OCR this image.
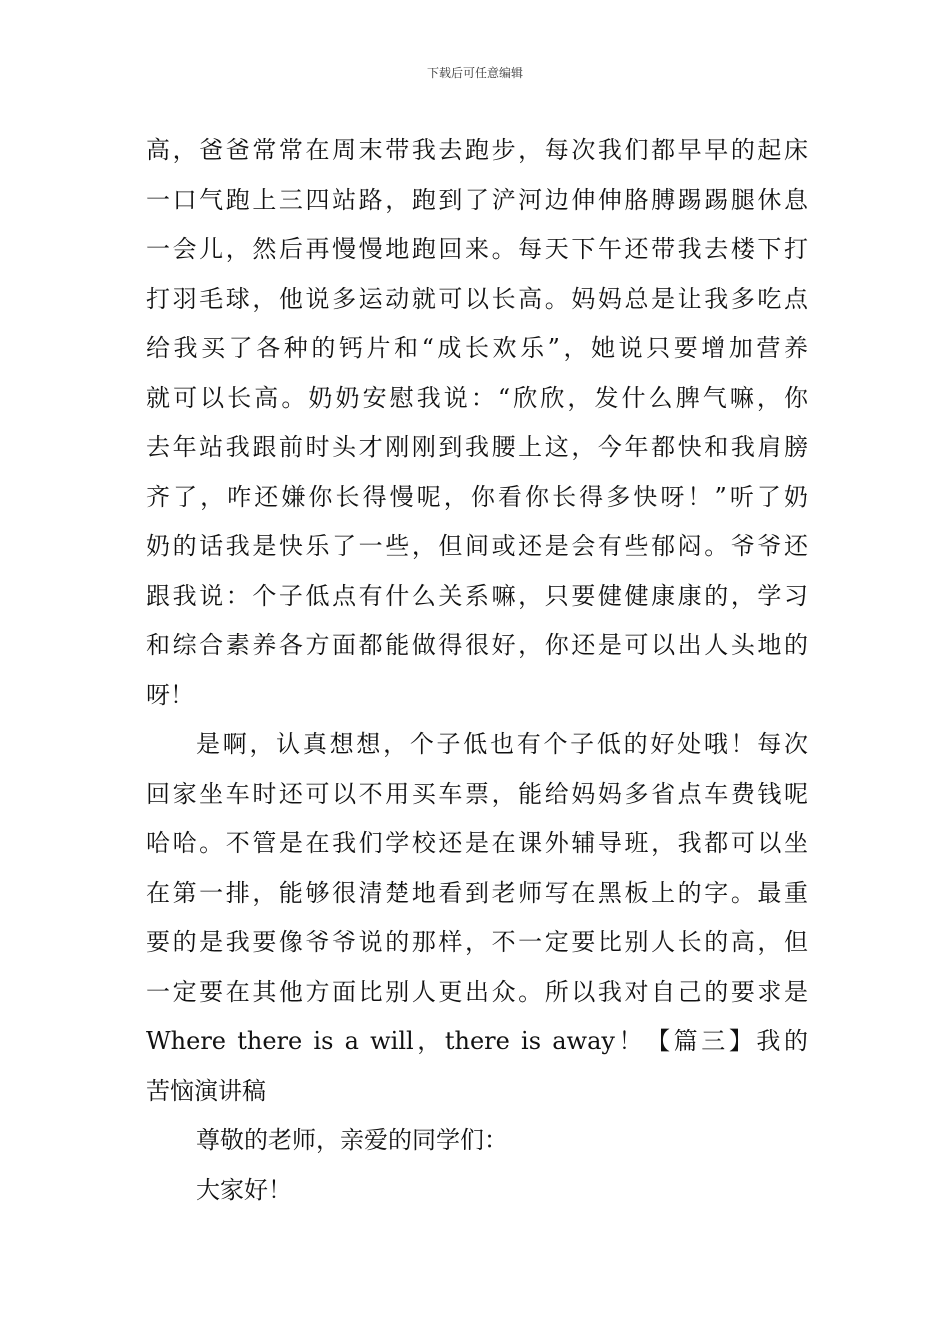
下载后可任意编辑
高，爸爸常常在周末带我去跑步，每次我们都早早的起床
一口气跑上三四站路，跑到了浐河边伸伸胳膊踢踢腿休息
一会儿，然后再慢慢地跑回来。每天下午还带我去楼下打
打羽毛球，他说多运动就可以长高。妈妈总是让我多吃点
给我买了各种的钙片和“成长欢乐”，她说只要增加营养
就可以长高。奶奶安慰我说：“欣欣，发什么脾气嘛，你
去年站我跟前时头才刚刚到我腰上这，今年都快和我肩膀
齐了，咋还嫌你长得慢呢，你看你长得多快呀！”听了奶
奶的话我是快乐了一些，但间或还是会有些郁闷。爷爷还
跟我说：个子低点有什么关系嘛，只要健健康康的，学习
和综合素养各方面都能做得很好，你还是可以出人头地的
呀！
是啊，认真想想，个子低也有个子低的好处哦！每次
回家坐车时还可以不用买车票，能给妈妈多省点车费钱呢
哈哈。不管是在我们学校还是在课外辅导班，我都可以坐
在第一排，能够很清楚地看到老师写在黑板上的字。最重
要的是我要像爷爷说的那样，不一定要比别人长的高，但
一定要在其他方面比别人更出众。所以我对自己的要求是
Where there is a will，there is away！【篇三】我的
苦恼演讲稿
尊敬的老师，亲爱的同学们：
大家好！
